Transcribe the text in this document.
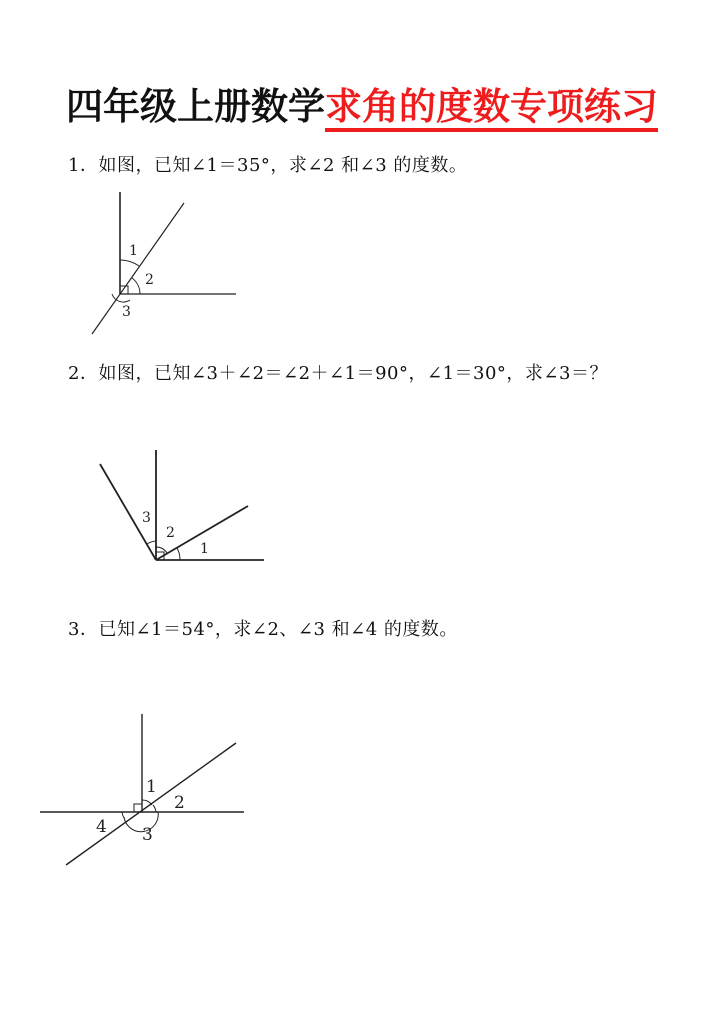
四年级上册数学求角的度数专项练习
1．如图，已知∠1＝35°，求∠2 和∠3 的度数。
1
2
3
2．如图，已知∠3＋∠2＝∠2＋∠1＝90°，∠1＝30°，求∠3＝？
3
2
1
3．已知∠1＝54°，求∠2、∠3 和∠4 的度数。
1
2
3
4
